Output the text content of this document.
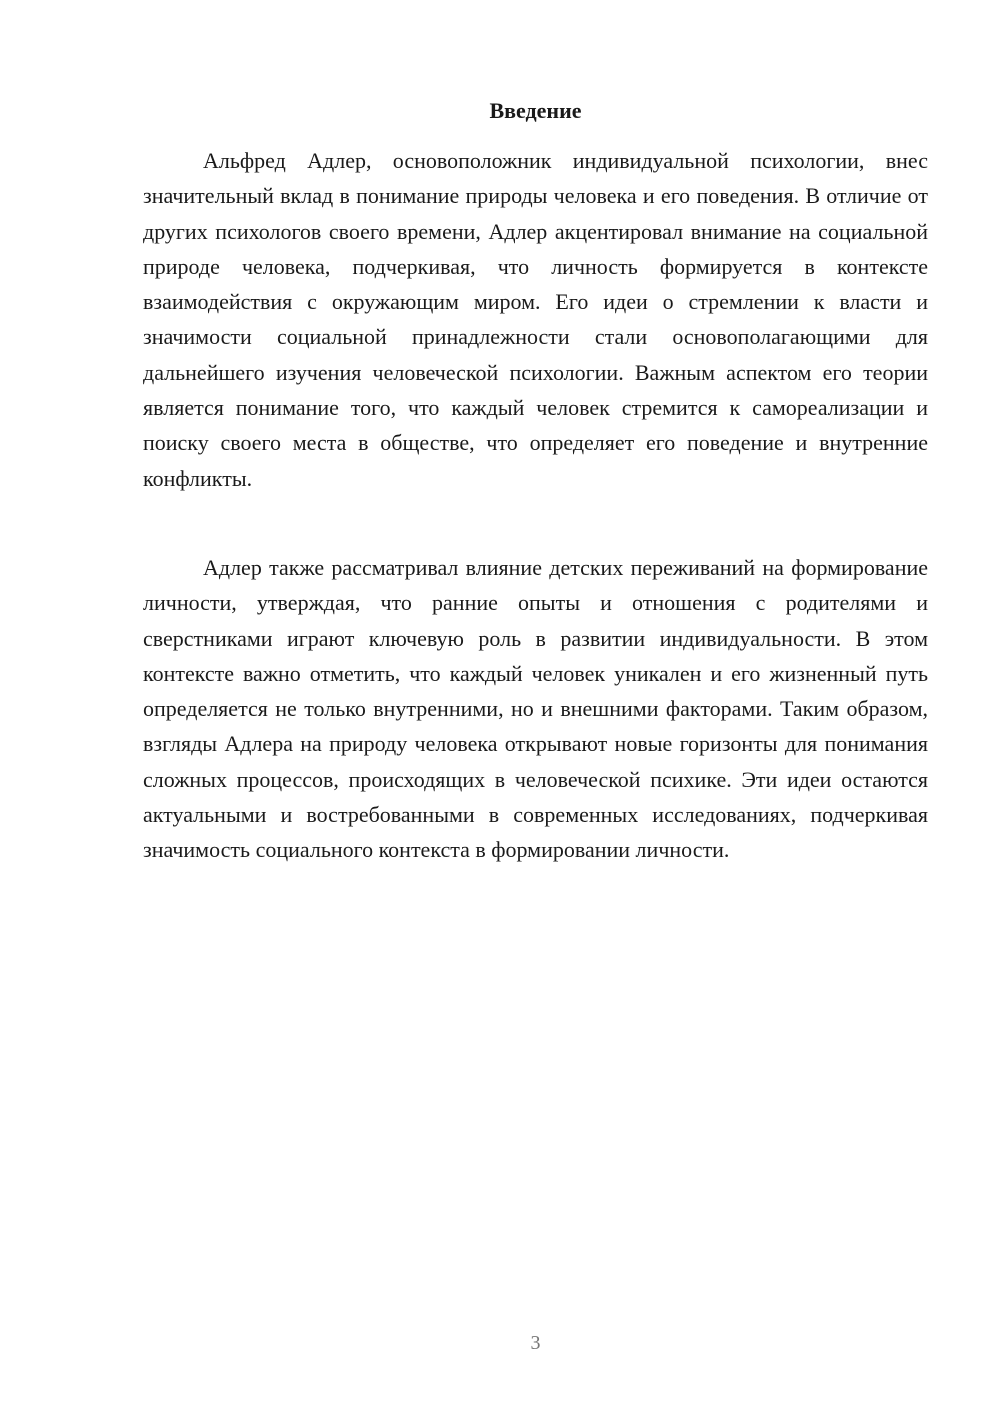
Введение

Альфред Адлер, основоположник индивидуальной психологии, внес значительный вклад в понимание природы человека и его поведения. В отличие от других психологов своего времени, Адлер акцентировал внимание на социальной природе человека, подчеркивая, что личность формируется в контексте взаимодействия с окружающим миром. Его идеи о стремлении к власти и значимости социальной принадлежности стали основополагающими для дальнейшего изучения человеческой психологии. Важным аспектом его теории является понимание того, что каждый человек стремится к самореализации и поиску своего места в обществе, что определяет его поведение и внутренние конфликты.

Адлер также рассматривал влияние детских переживаний на формирование личности, утверждая, что ранние опыты и отношения с родителями и сверстниками играют ключевую роль в развитии индивидуальности. В этом контексте важно отметить, что каждый человек уникален и его жизненный путь определяется не только внутренними, но и внешними факторами. Таким образом, взгляды Адлера на природу человека открывают новые горизонты для понимания сложных процессов, происходящих в человеческой психике. Эти идеи остаются актуальными и востребованными в современных исследованиях, подчеркивая значимость социального контекста в формировании личности.

3
